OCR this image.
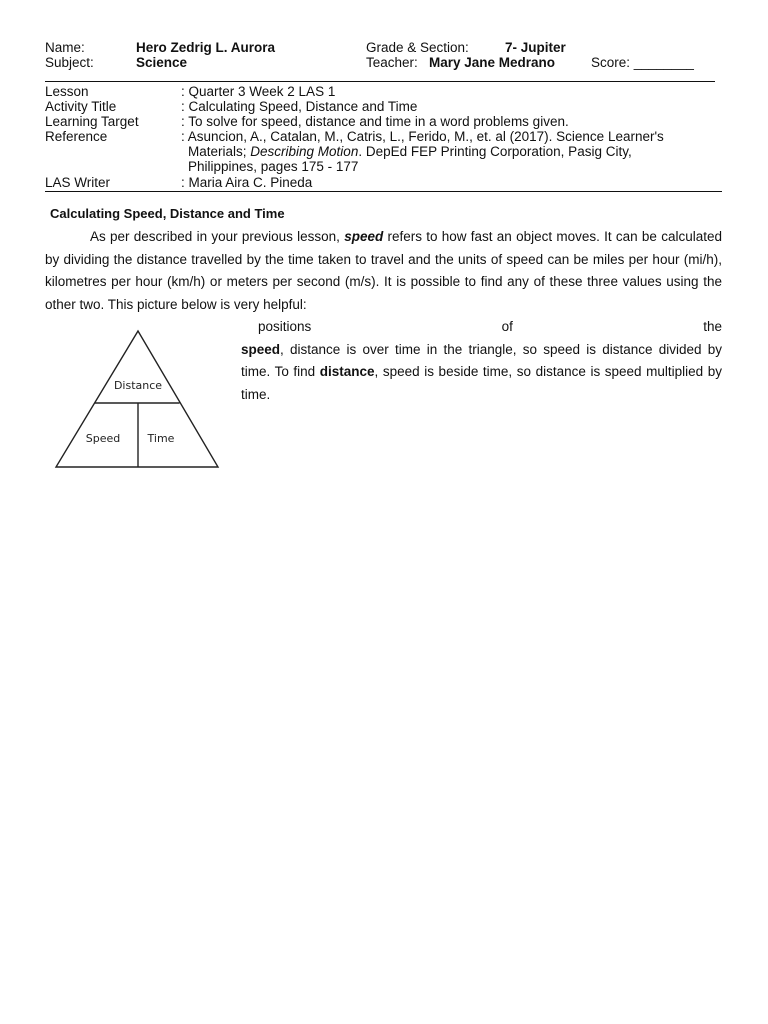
Name:	Hero Zedrig L. Aurora	Grade & Section:	7- Jupiter
Subject:	Science	Teacher: Mary Jane Medrano	Score: ________
Lesson	: Quarter 3 Week 2 LAS 1
Activity Title	: Calculating Speed, Distance and Time
Learning Target	: To solve for speed, distance and time in a word problems given.
Reference	: Asuncion, A., Catalan, M., Catris, L., Ferido, M., et. al (2017). Science Learner's
Materials; Describing Motion. DepEd FEP Printing Corporation, Pasig City,
Philippines, pages 175 - 177
LAS Writer	: Maria Aira C. Pineda
Calculating Speed, Distance and Time
As per described in your previous lesson, speed refers to how fast an object moves. It can be calculated by dividing the distance travelled by the time taken to travel and the units of speed can be miles per hour (mi/h), kilometres per hour (km/h) or meters per second (m/s). It is possible to find any of these three values using the other two. This picture below is very helpful:
positions	of	the
speed, distance is over time in the triangle, so speed is distance divided by time. To find distance, speed is beside time, so distance is speed multiplied by time.
Distance
Speed Time
